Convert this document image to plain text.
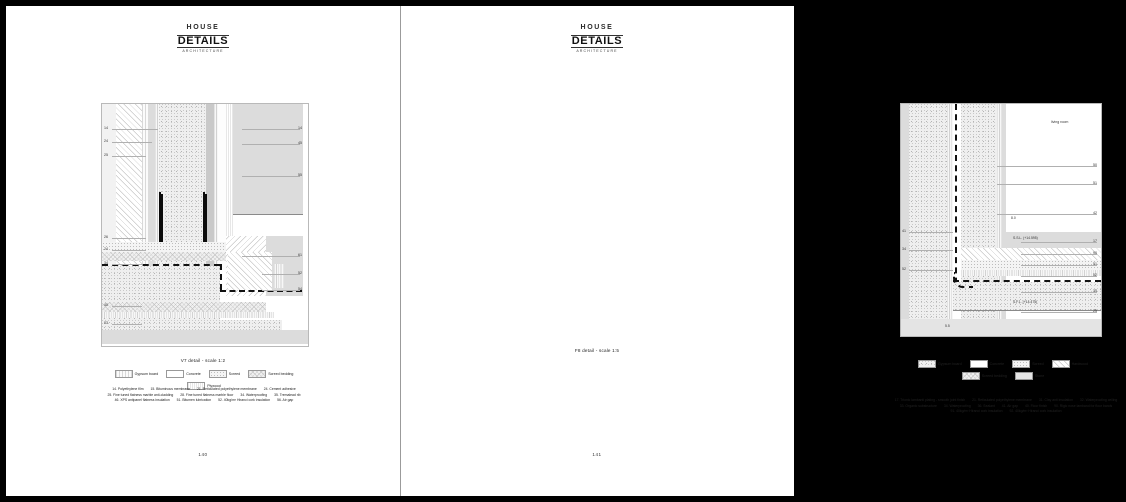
HOUSE
DETAILS
ARCHITECTURE
14
24
25
26
24
34
40
23
14
45
55
61
52
54
V7 detail - scale 1:2
Gypsum board	Concrete	Screed	Screed bedding
Plywood
14. Polyethylene film 15. Bituminous membrane 21. Reticulated polyethylene membrane 24. Cement adhesive 25. Fine tuned flatness marble anti-cladding 28. Fine tuned flatness marble floor 34. Waterproofing 35. Tremalead rib 46. XPS antipanel flatness insulation 51. Bitumen lubrication 52. 40kg/m³ Hiranci cork insulation 56. Air gap
140
HOUSE
DETAILS
ARCHITECTURE
living room
8.0
5.5
S.S.L. (+14.595)
S.F.L. (+14.475)
41
34
52
50
51
42
17
90
51
52
34
25
F8 detail - scale 1:5
Gypsum board	Concrete	Screed	Hardwood
Screed bedding	Stone
17. Trionic lambanti plating - smooth joint finish 21. Reticulated polyethylene membrane 31. Clay anti insulation 32. Waterproofing ceiling 33. Organic substructure 34. Waterproofing 36. Sealant 41. Air gap 40. Floor finish 90. Rigic nose lamband for floor bands 91. 40kg/m³ Hiranci cork insulation 92. 40kg/m³ Hiranci cork insulation
141
